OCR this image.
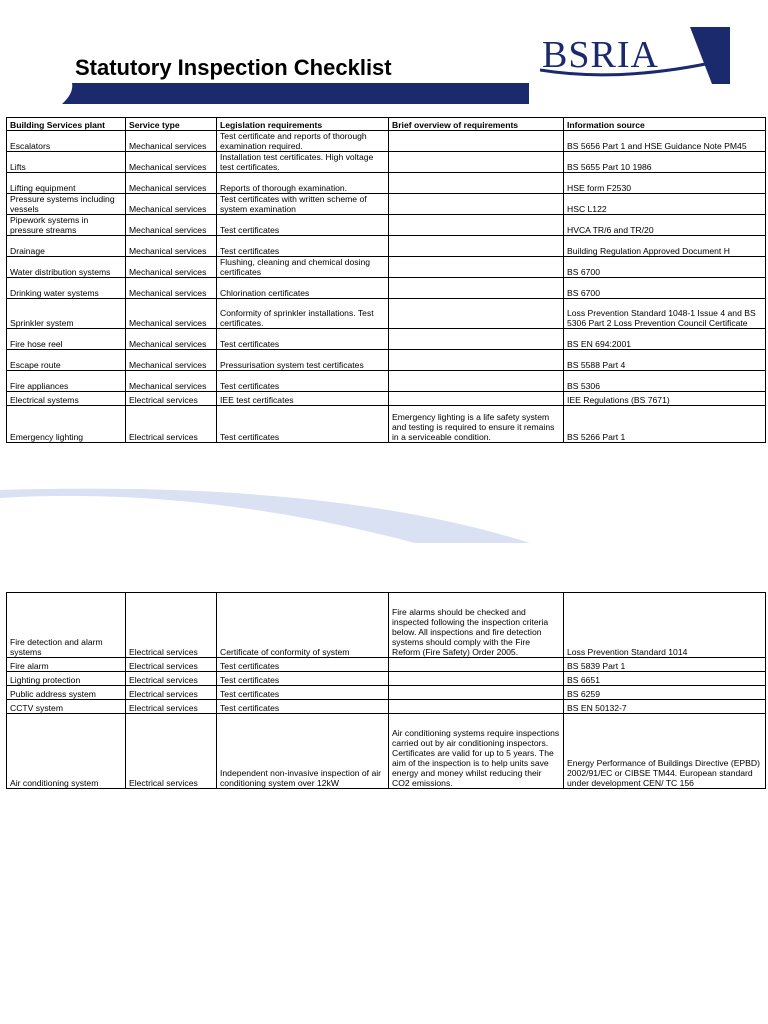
Statutory Inspection Checklist	BSRIA
Building Services plant	Service type	Legislation requirements	Brief overview of requirements	Information source
Escalators	Mechanical services	Test certificate and reports of thorough examination required.		BS 5656 Part 1 and HSE Guidance Note PM45
Lifts	Mechanical services	Installation test certificates. High voltage test certificates.		BS 5655 Part 10 1986
Lifting equipment	Mechanical services	Reports of thorough examination.		HSE form F2530
Pressure systems including vessels	Mechanical services	Test certificates with written scheme of system examination		HSC L122
Pipework systems in pressure streams	Mechanical services	Test certificates		HVCA TR/6 and TR/20
Drainage	Mechanical services	Test certificates		Building Regulation Approved Document H
Water distribution systems	Mechanical services	Flushing, cleaning and chemical dosing certificates		BS 6700
Drinking water systems	Mechanical services	Chlorination certificates		BS 6700
Sprinkler system	Mechanical services	Conformity of sprinkler installations. Test certificates.		Loss Prevention Standard 1048-1 Issue 4 and BS 5306 Part 2 Loss Prevention Council Certificate
Fire hose reel	Mechanical services	Test certificates		BS EN 694:2001
Escape route	Mechanical services	Pressurisation system test certificates		BS 5588 Part 4
Fire appliances	Mechanical services	Test certificates		BS 5306
Electrical systems	Electrical services	IEE test certificates		IEE Regulations (BS 7671)
Emergency lighting	Electrical services	Test certificates	Emergency lighting is a life safety system and testing is required to ensure it remains in a serviceable condition.	BS 5266 Part 1
Fire detection and alarm systems	Electrical services	Certificate of conformity of system	Fire alarms should be checked and inspected following the inspection criteria below. All inspections and fire detection systems should comply with the Fire Reform (Fire Safety) Order 2005.	Loss Prevention Standard 1014
Fire alarm	Electrical services	Test certificates		BS 5839 Part 1
Lighting protection	Electrical services	Test certificates		BS 6651
Public address system	Electrical services	Test certificates		BS 6259
CCTV system	Electrical services	Test certificates		BS EN 50132-7
Air conditioning system	Electrical services	Independent non-invasive inspection of air conditioning system over 12kW	Air conditioning systems require inspections carried out by air conditioning inspectors. Certificates are valid for up to 5 years. The aim of the inspection is to help units save energy and money whilst reducing their CO2 emissions.	Energy Performance of Buildings Directive (EPBD) 2002/91/EC or CIBSE TM44. European standard under development CEN/ TC 156
